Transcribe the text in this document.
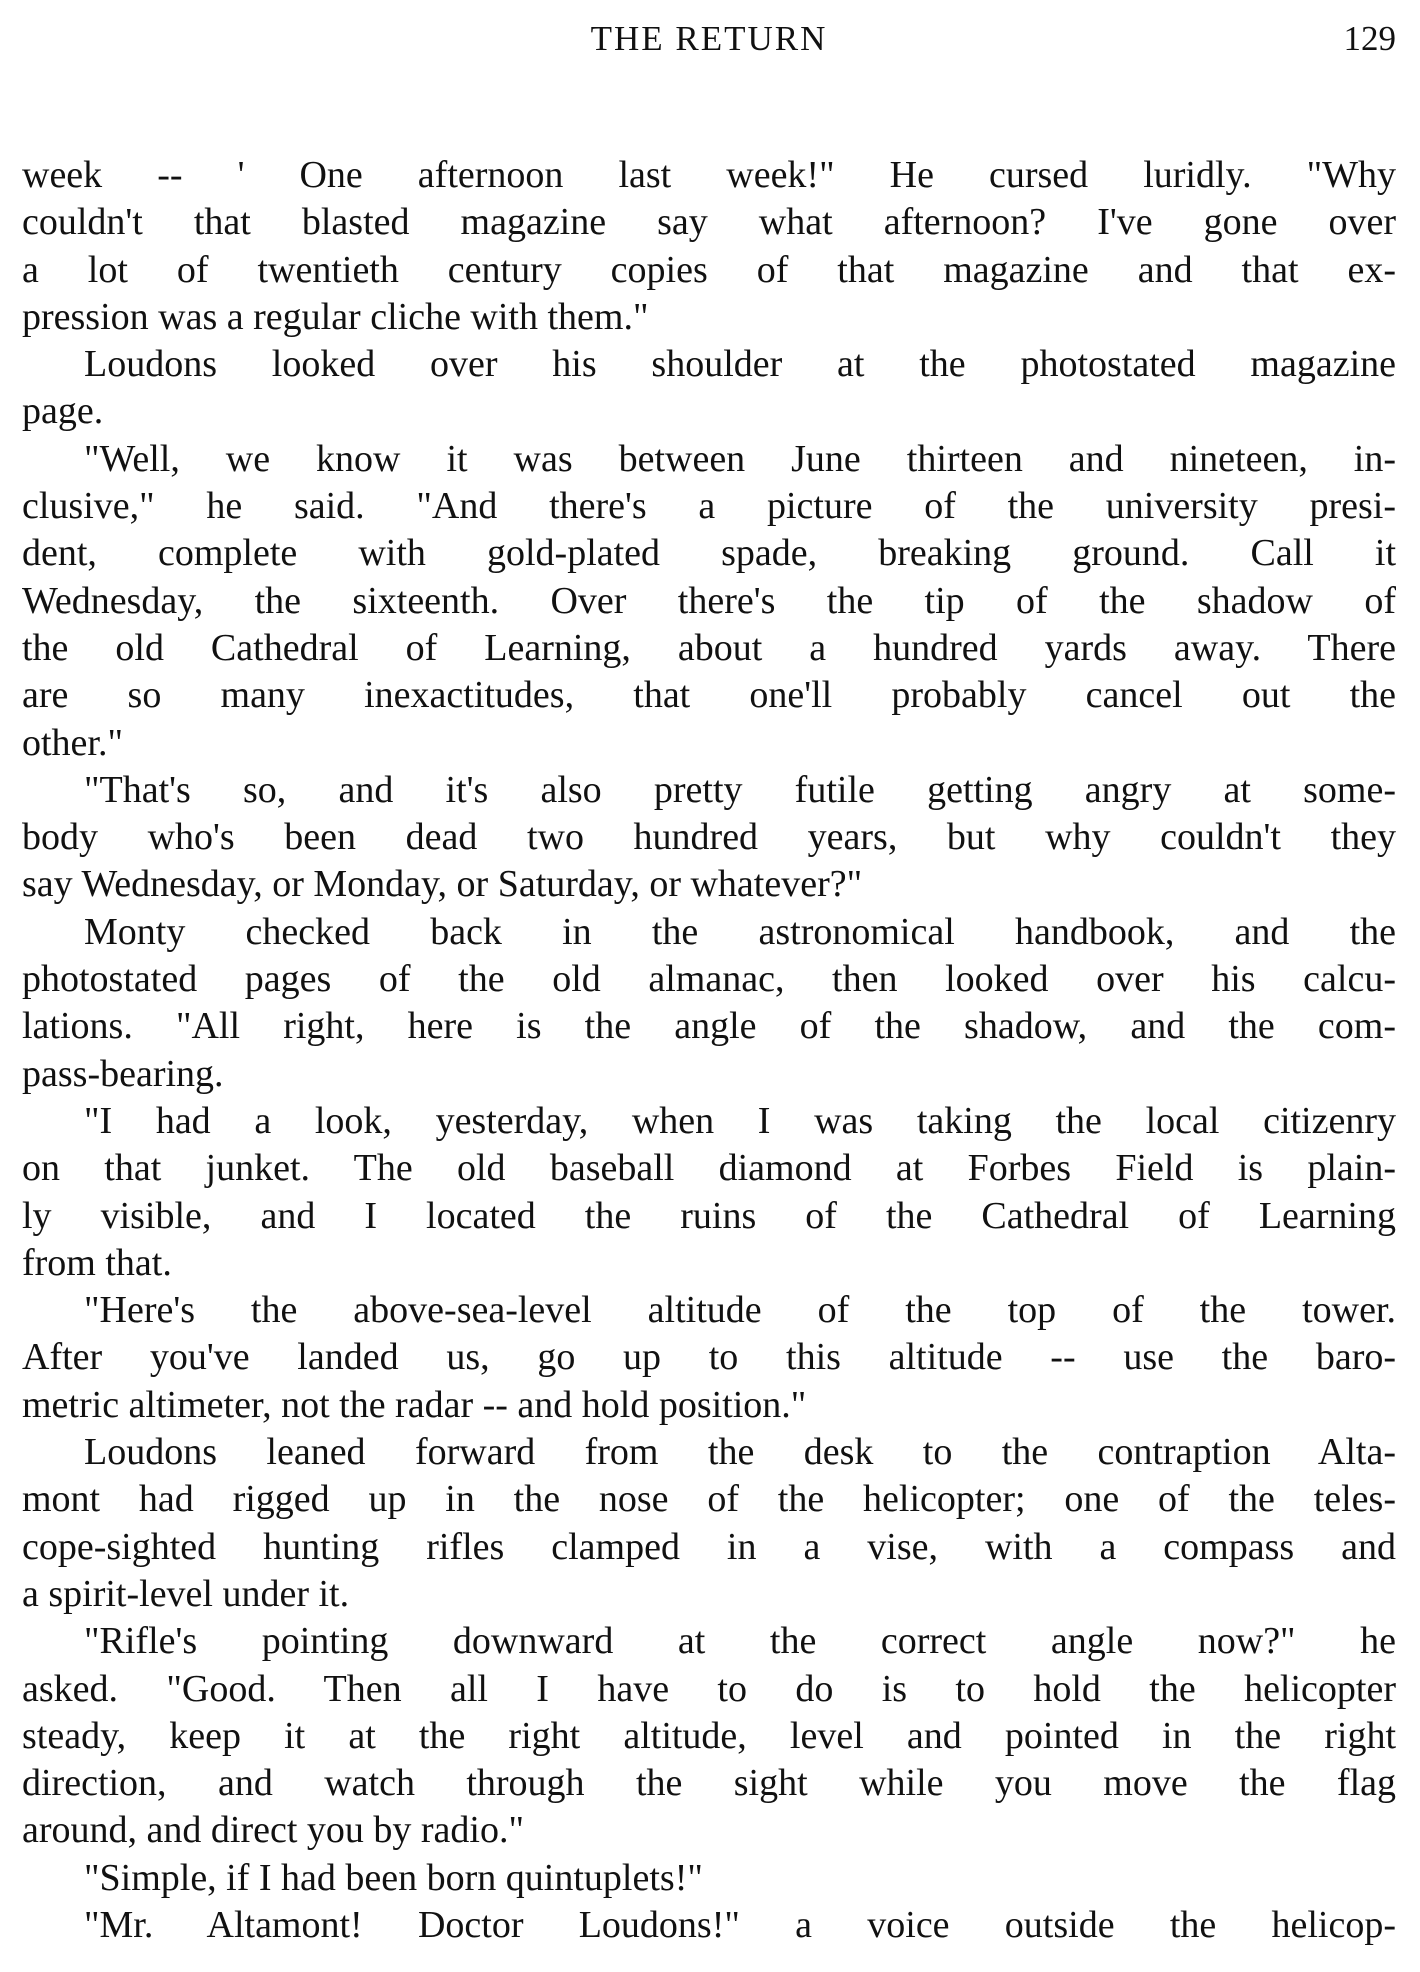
THE RETURN	129
week -- ' One afternoon last week!" He cursed luridly. "Why
couldn't that blasted magazine say what afternoon? I've gone over
a lot of twentieth century copies of that magazine and that ex-
pression was a regular cliche with them."
Loudons looked over his shoulder at the photostated magazine
page.
"Well, we know it was between June thirteen and nineteen, in-
clusive," he said. "And there's a picture of the university presi-
dent, complete with gold-plated spade, breaking ground. Call it
Wednesday, the sixteenth. Over there's the tip of the shadow of
the old Cathedral of Learning, about a hundred yards away. There
are so many inexactitudes, that one'll probably cancel out the
other."
"That's so, and it's also pretty futile getting angry at some-
body who's been dead two hundred years, but why couldn't they
say Wednesday, or Monday, or Saturday, or whatever?"
Monty checked back in the astronomical handbook, and the
photostated pages of the old almanac, then looked over his calcu-
lations. "All right, here is the angle of the shadow, and the com-
pass-bearing.
"I had a look, yesterday, when I was taking the local citizenry
on that junket. The old baseball diamond at Forbes Field is plain-
ly visible, and I located the ruins of the Cathedral of Learning
from that.
"Here's the above-sea-level altitude of the top of the tower.
After you've landed us, go up to this altitude -- use the baro-
metric altimeter, not the radar -- and hold position."
Loudons leaned forward from the desk to the contraption Alta-
mont had rigged up in the nose of the helicopter; one of the teles-
cope-sighted hunting rifles clamped in a vise, with a compass and
a spirit-level under it.
"Rifle's pointing downward at the correct angle now?" he
asked. "Good. Then all I have to do is to hold the helicopter
steady, keep it at the right altitude, level and pointed in the right
direction, and watch through the sight while you move the flag
around, and direct you by radio."
"Simple, if I had been born quintuplets!"
"Mr. Altamont! Doctor Loudons!" a voice outside the helicop-
